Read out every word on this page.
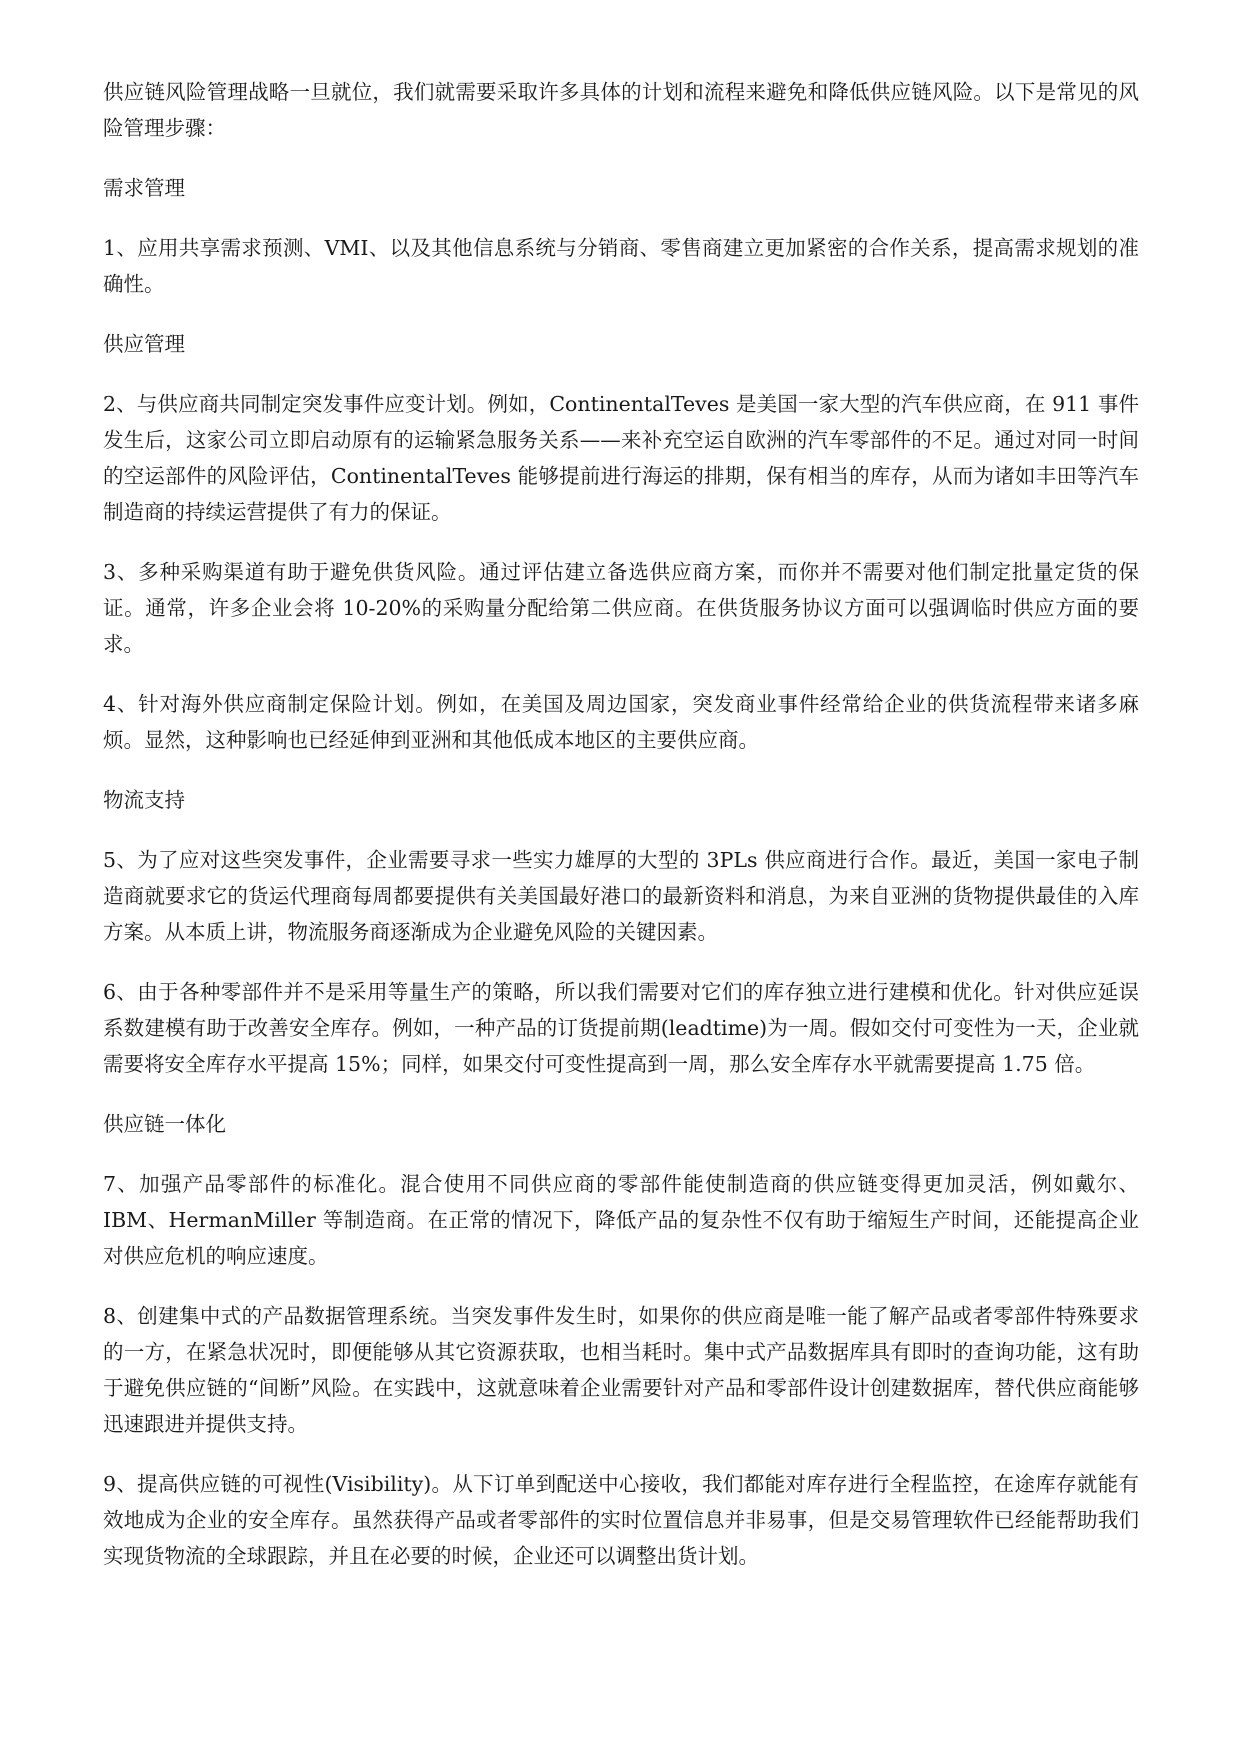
供应链风险管理战略一旦就位，我们就需要采取许多具体的计划和流程来避免和降低供应链风险。以下是常见的风险管理步骤：

需求管理

1、应用共享需求预测、VMI、以及其他信息系统与分销商、零售商建立更加紧密的合作关系，提高需求规划的准确性。

供应管理

2、与供应商共同制定突发事件应变计划。例如，ContinentalTeves 是美国一家大型的汽车供应商，在 911 事件发生后，这家公司立即启动原有的运输紧急服务关系——来补充空运自欧洲的汽车零部件的不足。通过对同一时间的空运部件的风险评估，ContinentalTeves 能够提前进行海运的排期，保有相当的库存，从而为诸如丰田等汽车制造商的持续运营提供了有力的保证。

3、多种采购渠道有助于避免供货风险。通过评估建立备选供应商方案，而你并不需要对他们制定批量定货的保证。通常，许多企业会将 10-20%的采购量分配给第二供应商。在供货服务协议方面可以强调临时供应方面的要求。

4、针对海外供应商制定保险计划。例如，在美国及周边国家，突发商业事件经常给企业的供货流程带来诸多麻烦。显然，这种影响也已经延伸到亚洲和其他低成本地区的主要供应商。

物流支持

5、为了应对这些突发事件，企业需要寻求一些实力雄厚的大型的 3PLs 供应商进行合作。最近，美国一家电子制造商就要求它的货运代理商每周都要提供有关美国最好港口的最新资料和消息，为来自亚洲的货物提供最佳的入库方案。从本质上讲，物流服务商逐渐成为企业避免风险的关键因素。

6、由于各种零部件并不是采用等量生产的策略，所以我们需要对它们的库存独立进行建模和优化。针对供应延误系数建模有助于改善安全库存。例如，一种产品的订货提前期(leadtime)为一周。假如交付可变性为一天，企业就需要将安全库存水平提高 15%；同样，如果交付可变性提高到一周，那么安全库存水平就需要提高 1.75 倍。

供应链一体化

7、加强产品零部件的标准化。混合使用不同供应商的零部件能使制造商的供应链变得更加灵活，例如戴尔、IBM、HermanMiller 等制造商。在正常的情况下，降低产品的复杂性不仅有助于缩短生产时间，还能提高企业对供应危机的响应速度。

8、创建集中式的产品数据管理系统。当突发事件发生时，如果你的供应商是唯一能了解产品或者零部件特殊要求的一方，在紧急状况时，即便能够从其它资源获取，也相当耗时。集中式产品数据库具有即时的查询功能，这有助于避免供应链的“间断”风险。在实践中，这就意味着企业需要针对产品和零部件设计创建数据库，替代供应商能够迅速跟进并提供支持。

9、提高供应链的可视性(Visibility)。从下订单到配送中心接收，我们都能对库存进行全程监控，在途库存就能有效地成为企业的安全库存。虽然获得产品或者零部件的实时位置信息并非易事，但是交易管理软件已经能帮助我们实现货物流的全球跟踪，并且在必要的时候，企业还可以调整出货计划。
